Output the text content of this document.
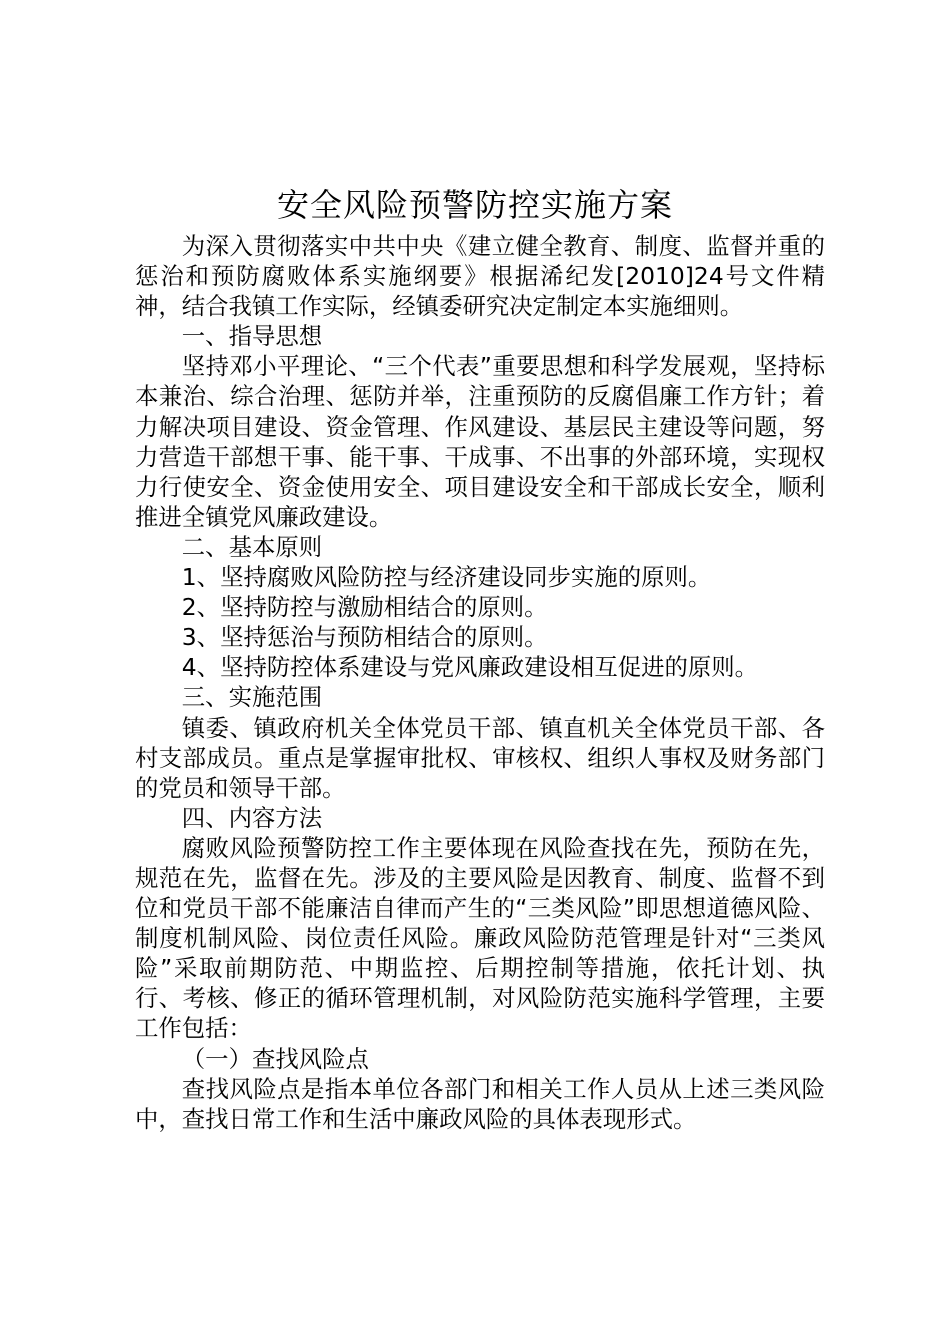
安全风险预警防控实施方案

为深入贯彻落实中共中央《建立健全教育、制度、监督并重的惩治和预防腐败体系实施纲要》根据浠纪发[2010]24号文件精神，结合我镇工作实际，经镇委研究决定制定本实施细则。

一、指导思想

坚持邓小平理论、“三个代表”重要思想和科学发展观，坚持标本兼治、综合治理、惩防并举，注重预防的反腐倡廉工作方针；着力解决项目建设、资金管理、作风建设、基层民主建设等问题，努力营造干部想干事、能干事、干成事、不出事的外部环境，实现权力行使安全、资金使用安全、项目建设安全和干部成长安全，顺利推进全镇党风廉政建设。

二、基本原则

1、坚持腐败风险防控与经济建设同步实施的原则。

2、坚持防控与激励相结合的原则。

3、坚持惩治与预防相结合的原则。

4、坚持防控体系建设与党风廉政建设相互促进的原则。

三、实施范围

镇委、镇政府机关全体党员干部、镇直机关全体党员干部、各村支部成员。重点是掌握审批权、审核权、组织人事权及财务部门的党员和领导干部。

四、内容方法

腐败风险预警防控工作主要体现在风险查找在先，预防在先，规范在先，监督在先。涉及的主要风险是因教育、制度、监督不到位和党员干部不能廉洁自律而产生的“三类风险”即思想道德风险、制度机制风险、岗位责任风险。廉政风险防范管理是针对“三类风险”采取前期防范、中期监控、后期控制等措施，依托计划、执行、考核、修正的循环管理机制，对风险防范实施科学管理，主要工作包括：

（一）查找风险点

查找风险点是指本单位各部门和相关工作人员从上述三类风险中，查找日常工作和生活中廉政风险的具体表现形式。
